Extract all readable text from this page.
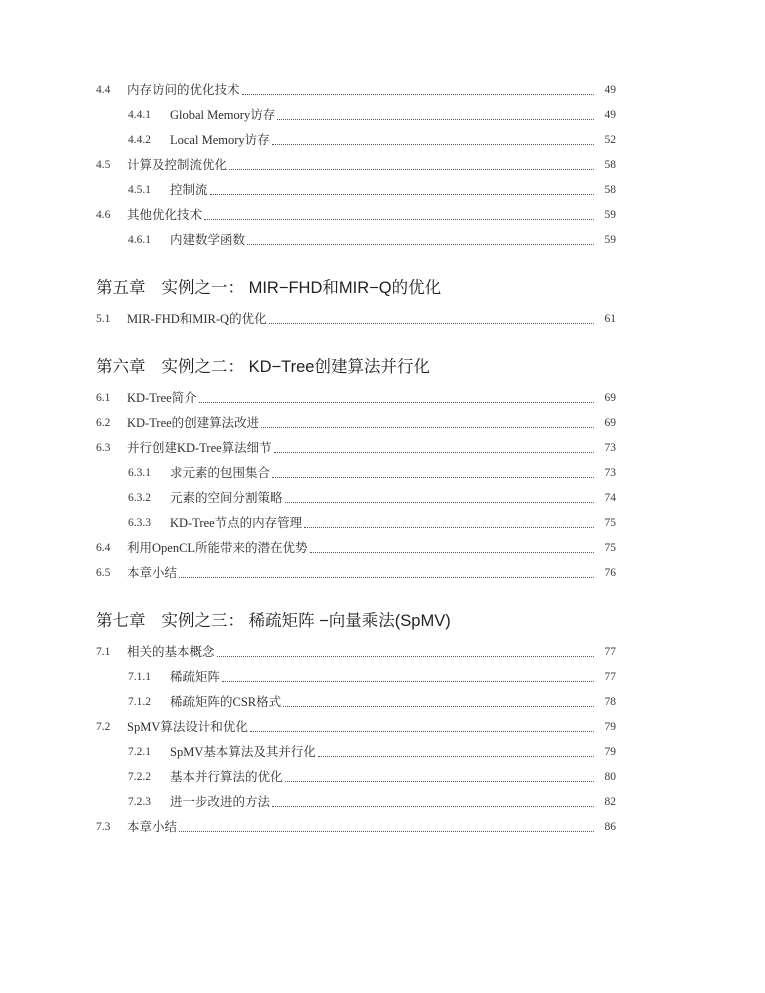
4.4	内存访问的优化技术	49
4.4.1	Global Memory访存	49
4.4.2	Local Memory访存	52
4.5	计算及控制流优化	58
4.5.1	控制流	58
4.6	其他优化技术	59
4.6.1	内建数学函数	59
第五章 实例之一： MIR−FHD和MIR−Q的优化
5.1	MIR-FHD和MIR-Q的优化	61
第六章 实例之二： KD−Tree创建算法并行化
6.1	KD-Tree简介	69
6.2	KD-Tree的创建算法改进	69
6.3	并行创建KD-Tree算法细节	73
6.3.1	求元素的包围集合	73
6.3.2	元素的空间分割策略	74
6.3.3	KD-Tree节点的内存管理	75
6.4	利用OpenCL所能带来的潜在优势	75
6.5	本章小结	76
第七章 实例之三： 稀疏矩阵 −向量乘法(SpMV)
7.1	相关的基本概念	77
7.1.1	稀疏矩阵	77
7.1.2	稀疏矩阵的CSR格式	78
7.2	SpMV算法设计和优化	79
7.2.1	SpMV基本算法及其并行化	79
7.2.2	基本并行算法的优化	80
7.2.3	进一步改进的方法	82
7.3	本章小结	86
